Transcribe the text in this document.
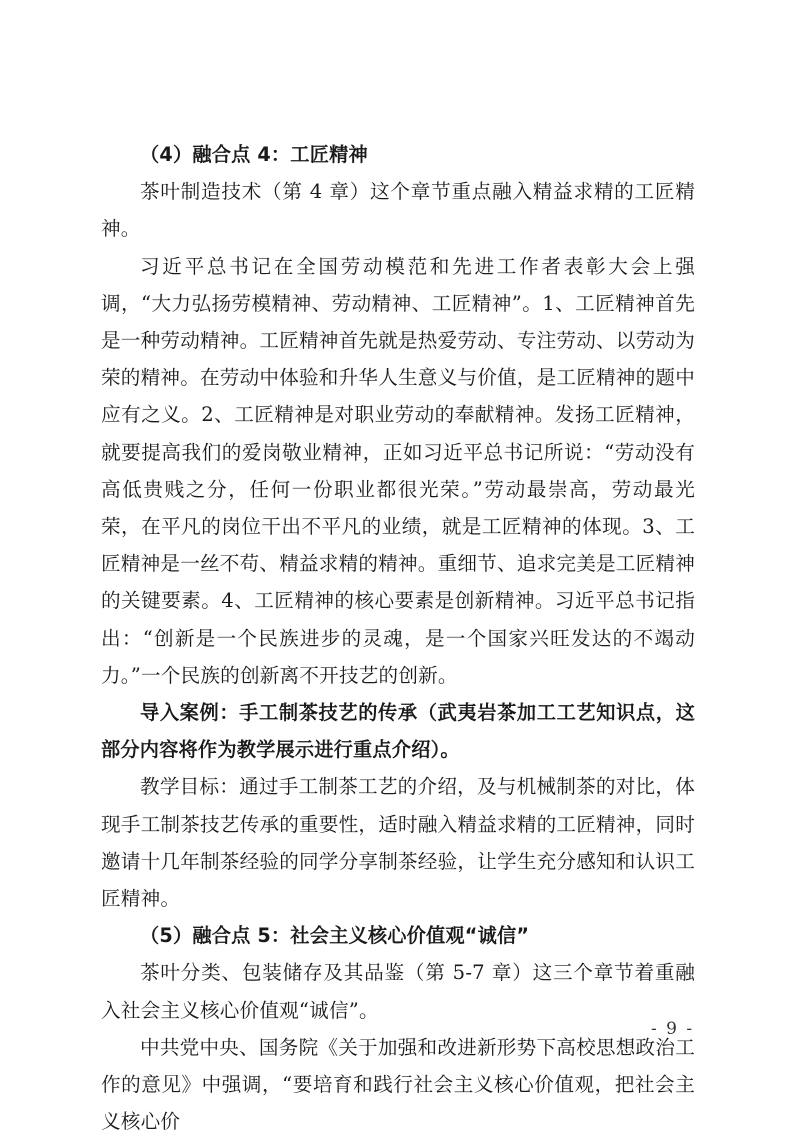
（4）融合点 4：工匠精神

茶叶制造技术（第 4 章）这个章节重点融入精益求精的工匠精神。

习近平总书记在全国劳动模范和先进工作者表彰大会上强调，“大力弘扬劳模精神、劳动精神、工匠精神”。1、工匠精神首先是一种劳动精神。工匠精神首先就是热爱劳动、专注劳动、以劳动为荣的精神。在劳动中体验和升华人生意义与价值，是工匠精神的题中应有之义。2、工匠精神是对职业劳动的奉献精神。发扬工匠精神，就要提高我们的爱岗敬业精神，正如习近平总书记所说：“劳动没有高低贵贱之分，任何一份职业都很光荣。”劳动最崇高，劳动最光荣，在平凡的岗位干出不平凡的业绩，就是工匠精神的体现。3、工匠精神是一丝不苟、精益求精的精神。重细节、追求完美是工匠精神的关键要素。4、工匠精神的核心要素是创新精神。习近平总书记指出：“创新是一个民族进步的灵魂，是一个国家兴旺发达的不竭动力。”一个民族的创新离不开技艺的创新。

导入案例：手工制茶技艺的传承（武夷岩茶加工工艺知识点，这部分内容将作为教学展示进行重点介绍）。

教学目标：通过手工制茶工艺的介绍，及与机械制茶的对比，体现手工制茶技艺传承的重要性，适时融入精益求精的工匠精神，同时邀请十几年制茶经验的同学分享制茶经验，让学生充分感知和认识工匠精神。

（5）融合点 5：社会主义核心价值观“诚信”

茶叶分类、包装储存及其品鉴（第 5-7 章）这三个章节着重融入社会主义核心价值观“诚信”。

中共党中央、国务院《关于加强和改进新形势下高校思想政治工作的意见》中强调，“要培育和践行社会主义核心价值观，把社会主义核心价

- 9 -
